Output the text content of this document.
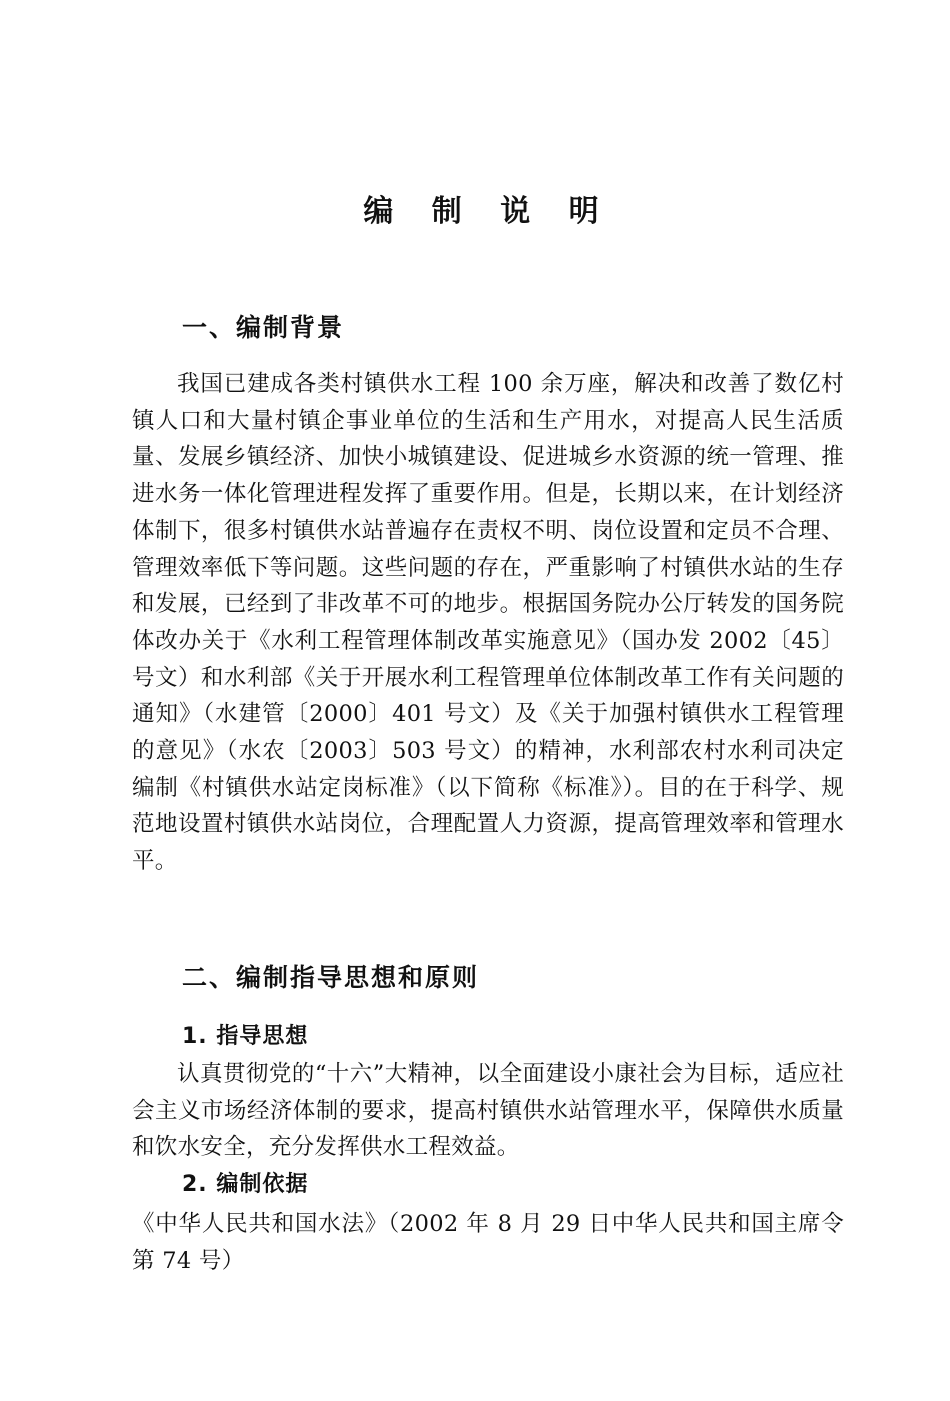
编 制 说 明
一、编制背景

我国已建成各类村镇供水工程 100 余万座，解决和改善了数亿村镇人口和大量村镇企事业单位的生活和生产用水，对提高人民生活质量、发展乡镇经济、加快小城镇建设、促进城乡水资源的统一管理、推进水务一体化管理进程发挥了重要作用。但是，长期以来，在计划经济体制下，很多村镇供水站普遍存在责权不明、岗位设置和定员不合理、管理效率低下等问题。这些问题的存在，严重影响了村镇供水站的生存和发展，已经到了非改革不可的地步。根据国务院办公厅转发的国务院体改办关于《水利工程管理体制改革实施意见》（国办发 2002〔45〕号文）和水利部《关于开展水利工程管理单位体制改革工作有关问题的通知》（水建管〔2000〕401 号文）及《关于加强村镇供水工程管理的意见》（水农〔2003〕503 号文）的精神，水利部农村水利司决定编制《村镇供水站定岗标准》（以下简称《标准》）。目的在于科学、规范地设置村镇供水站岗位，合理配置人力资源，提高管理效率和管理水平。

二、编制指导思想和原则
1. 指导思想

认真贯彻党的“十六”大精神，以全面建设小康社会为目标，适应社会主义市场经济体制的要求，提高村镇供水站管理水平，保障供水质量和饮水安全，充分发挥供水工程效益。

2. 编制依据

《中华人民共和国水法》（2002 年 8 月 29 日中华人民共和国主席令第 74 号）
